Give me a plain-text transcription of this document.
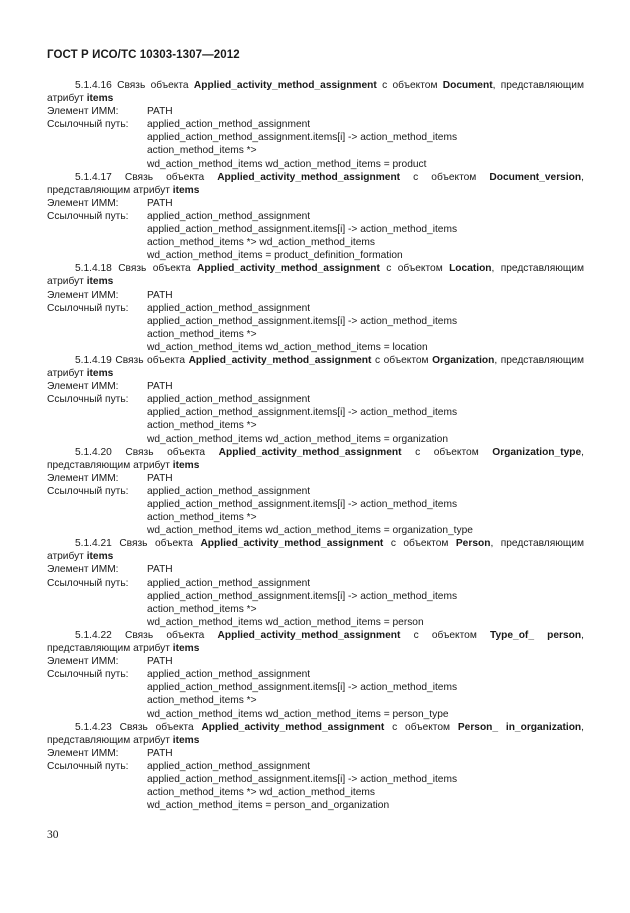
ГОСТ Р ИСО/ТС 10303-1307—2012

5.1.4.16 Связь объекта Applied_activity_method_assignment с объектом Document, представляющим атрибут items

Элемент ИММ:	PATH
Ссылочный путь:	applied_action_method_assignment
applied_action_method_assignment.items[i] -> action_method_items
action_method_items *>
wd_action_method_items wd_action_method_items = product

5.1.4.17 Связь объекта Applied_activity_method_assignment с объектом Document_version, представляющим атрибут items

Элемент ИММ:	PATH
Ссылочный путь:	applied_action_method_assignment
applied_action_method_assignment.items[i] -> action_method_items
action_method_items *> wd_action_method_items
wd_action_method_items = product_definition_formation

5.1.4.18 Связь объекта Applied_activity_method_assignment с объектом Location, представляющим атрибут items

Элемент ИММ:	PATH
Ссылочный путь:	applied_action_method_assignment
applied_action_method_assignment.items[i] -> action_method_items
action_method_items *>
wd_action_method_items wd_action_method_items = location

5.1.4.19 Связь объекта Applied_activity_method_assignment с объектом Organization, представляющим атрибут items

Элемент ИММ:	PATH
Ссылочный путь:	applied_action_method_assignment
applied_action_method_assignment.items[i] -> action_method_items
action_method_items *>
wd_action_method_items wd_action_method_items = organization

5.1.4.20 Связь объекта Applied_activity_method_assignment с объектом Organization_type, представляющим атрибут items

Элемент ИММ:	PATH
Ссылочный путь:	applied_action_method_assignment
applied_action_method_assignment.items[i] -> action_method_items
action_method_items *>
wd_action_method_items wd_action_method_items = organization_type

5.1.4.21 Связь объекта Applied_activity_method_assignment с объектом Person, представляющим атрибут items

Элемент ИММ:	PATH
Ссылочный путь:	applied_action_method_assignment
applied_action_method_assignment.items[i] -> action_method_items
action_method_items *>
wd_action_method_items wd_action_method_items = person

5.1.4.22 Связь объекта Applied_activity_method_assignment с объектом Type_of_ person, представляющим атрибут items

Элемент ИММ:	PATH
Ссылочный путь:	applied_action_method_assignment
applied_action_method_assignment.items[i] -> action_method_items
action_method_items *>
wd_action_method_items wd_action_method_items = person_type

5.1.4.23 Связь объекта Applied_activity_method_assignment с объектом Person_ in_organization, представляющим атрибут items

Элемент ИММ:	PATH
Ссылочный путь:	applied_action_method_assignment
applied_action_method_assignment.items[i] -> action_method_items
action_method_items *> wd_action_method_items
wd_action_method_items = person_and_organization
30
